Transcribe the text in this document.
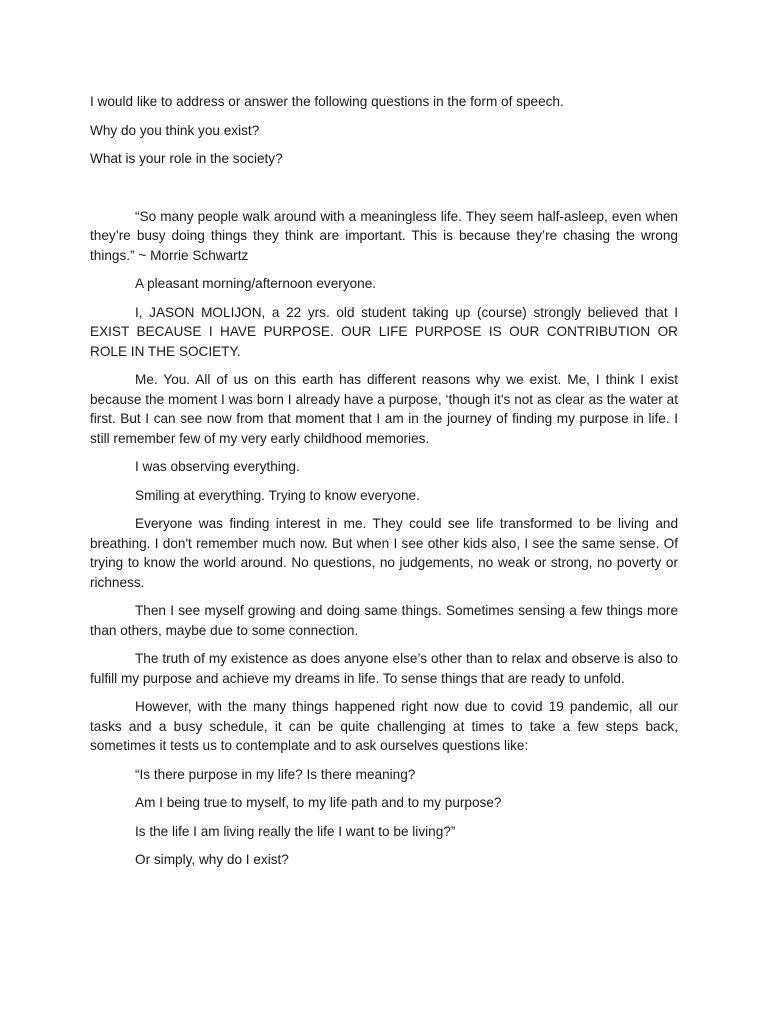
I would like to address or answer the following questions in the form of speech.

Why do you think you exist?

What is your role in the society?

“So many people walk around with a meaningless life. They seem half-asleep, even when they’re busy doing things they think are important. This is because they’re chasing the wrong things.” ~ Morrie Schwartz

A pleasant morning/afternoon everyone.

I, JASON MOLIJON, a 22 yrs. old student taking up (course) strongly believed that I EXIST BECAUSE I HAVE PURPOSE. OUR LIFE PURPOSE IS OUR CONTRIBUTION OR ROLE IN THE SOCIETY.

Me. You. All of us on this earth has different reasons why we exist. Me, I think I exist because the moment I was born I already have a purpose, ‘though it’s not as clear as the water at first. But I can see now from that moment that I am in the journey of finding my purpose in life. I still remember few of my very early childhood memories.

I was observing everything.

Smiling at everything. Trying to know everyone.

Everyone was finding interest in me. They could see life transformed to be living and breathing. I don't remember much now. But when I see other kids also, I see the same sense. Of trying to know the world around. No questions, no judgements, no weak or strong, no poverty or richness.

Then I see myself growing and doing same things. Sometimes sensing a few things more than others, maybe due to some connection.

The truth of my existence as does anyone else’s other than to relax and observe is also to fulfill my purpose and achieve my dreams in life. To sense things that are ready to unfold.

However, with the many things happened right now due to covid 19 pandemic, all our tasks and a busy schedule, it can be quite challenging at times to take a few steps back, sometimes it tests us to contemplate and to ask ourselves questions like:

“Is there purpose in my life? Is there meaning?

Am I being true to myself, to my life path and to my purpose?

Is the life I am living really the life I want to be living?”

Or simply, why do I exist?
